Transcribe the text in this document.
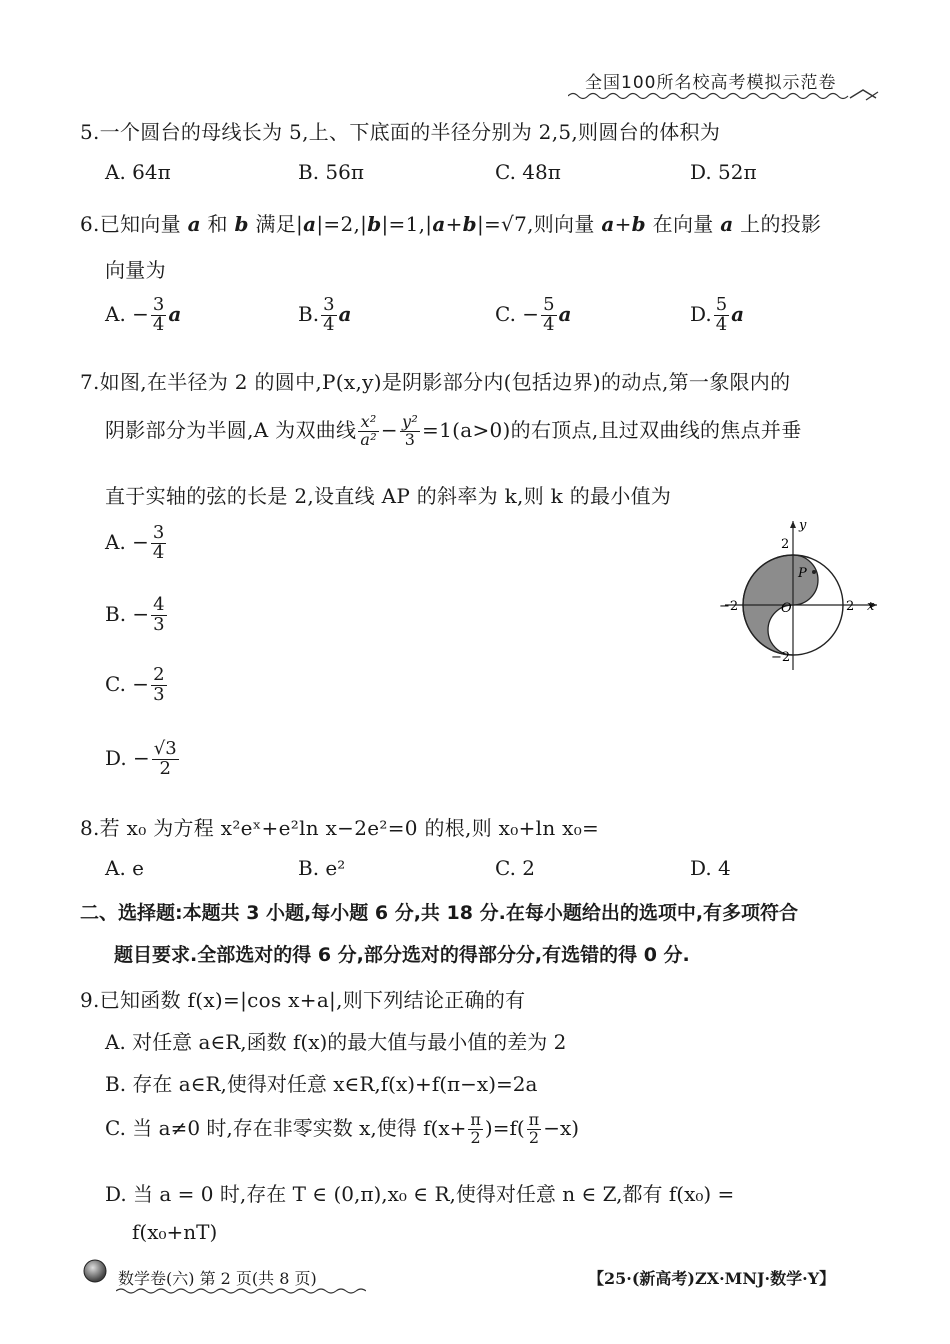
全国100所名校高考模拟示范卷
5.一个圆台的母线长为 5,上、下底面的半径分别为 2,5,则圆台的体积为
A. 64π	B. 56π	C. 48π	D. 52π
6.已知向量 a 和 b 满足|a|=2,|b|=1,|a+b|=√7,则向量 a+b 在向量 a 上的投影
向量为
A. − $\frac{3}{4}$ a	B. $\frac{3}{4}$ a	C. − $\frac{5}{4}$ a	D. $\frac{5}{4}$ a
7.如图,在半径为 2 的圆中,P(x,y)是阴影部分内(包括边界)的动点,第一象限内的
阴影部分为半圆,A 为双曲线 $\frac{\text{x²}}{\text{a²}} - \frac{\text{y²}}{3} =1(a>0)$的右顶点,且过双曲线的焦点并垂
直于实轴的弦的长是 2,设直线 AP 的斜率为 k,则 k 的最小值为
A. − $\frac{3}{4}$
B. − $\frac{4}{3}$
C. − $\frac{2}{3}$
D. − $\frac{√3}{2}$
y
x
2
−2	O	2
−2
P
8.若 x₀ 为方程 x²eˣ+e²ln x−2e²=0 的根,则 x₀+ln x₀=
A. e	B. e²	C. 2	D. 4
二、选择题:本题共 3 小题,每小题 6 分,共 18 分.在每小题给出的选项中,有多项符合
题目要求.全部选对的得 6 分,部分选对的得部分分,有选错的得 0 分.
9.已知函数 f(x)=|cos x+a|,则下列结论正确的有
A. 对任意 a∈R,函数 f(x)的最大值与最小值的差为 2
B. 存在 a∈R,使得对任意 x∈R,f(x)+f(π−x)=2a
C. 当 a≠0 时,存在非零实数 x,使得 $f(x+ \frac{\pi}{2} )=f( \frac{\pi}{2} -x)$
D. 当 a = 0 时,存在 T ∈ (0,π),x₀ ∈ R,使得对任意 n ∈ Z,都有 f(x₀) =
f(x₀+nT)
数学卷(六) 第 2 页(共 8 页)	【25·(新高考)ZX·MNJ·数学·Y】
